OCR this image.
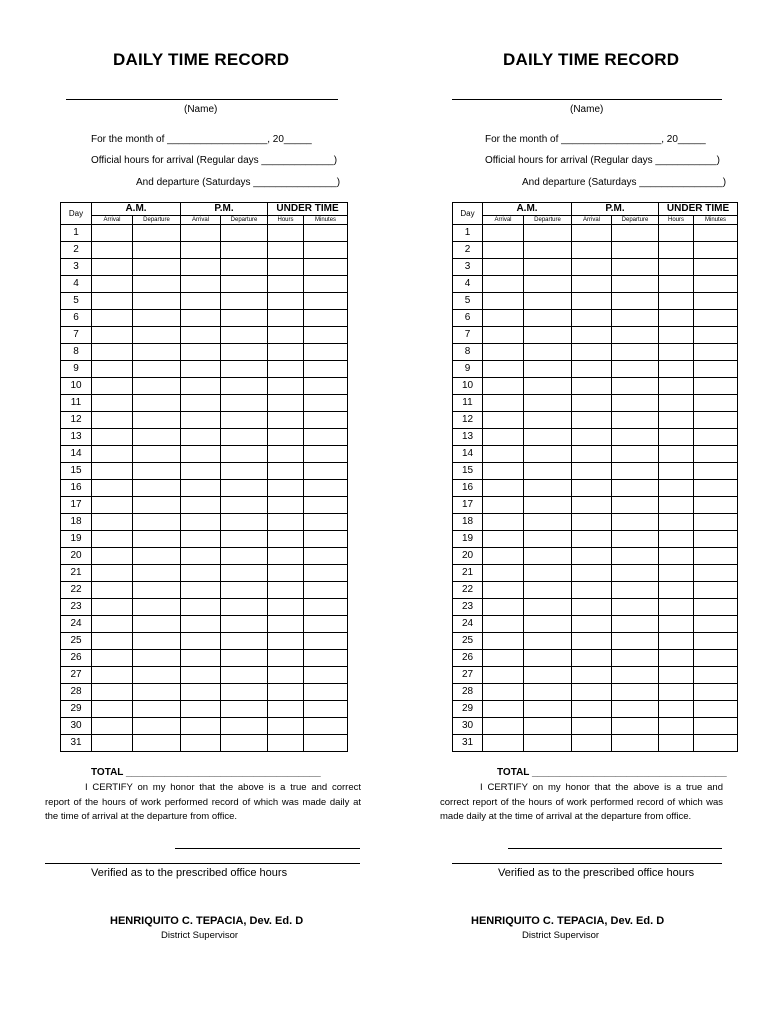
DAILY TIME RECORD
(Name)
For the month of __________________, 20_____
Official hours for arrival (Regular days _____________)
And departure (Saturdays _______________)
Day	A.M.		P.M.		UNDER TIME	
	Arrival	Departure	Arrival	Departure	Hours	Minutes
1						
2						
3						
4						
5						
6						
7						
8						
9						
10						
11						
12						
13						
14						
15						
16						
17						
18						
19						
20						
21						
22						
23						
24						
25						
26						
27						
28						
29						
30						
31						
TOTAL ___________________________________
I CERTIFY on my honor that the above is a true and correct report of the hours of work performed record of which was made daily at the time of arrival at the departure from office.
Verified as to the prescribed office hours
HENRIQUITO C. TEPACIA, Dev. Ed. D
District Supervisor
DAILY TIME RECORD
(Name)
For the month of __________________, 20_____
Official hours for arrival (Regular days ___________)
And departure (Saturdays _______________)
Day	A.M.		P.M.		UNDER TIME	
	Arrival	Departure	Arrival	Departure	Hours	Minutes
1						
2						
3						
4						
5						
6						
7						
8						
9						
10						
11						
12						
13						
14						
15						
16						
17						
18						
19						
20						
21						
22						
23						
24						
25						
26						
27						
28						
29						
30						
31						
TOTAL ___________________________________
I CERTIFY on my honor that the above is a true and correct report of the hours of work performed record of which was made daily at the time of arrival at the departure from office.
Verified as to the prescribed office hours
HENRIQUITO C. TEPACIA, Dev. Ed. D
District Supervisor
